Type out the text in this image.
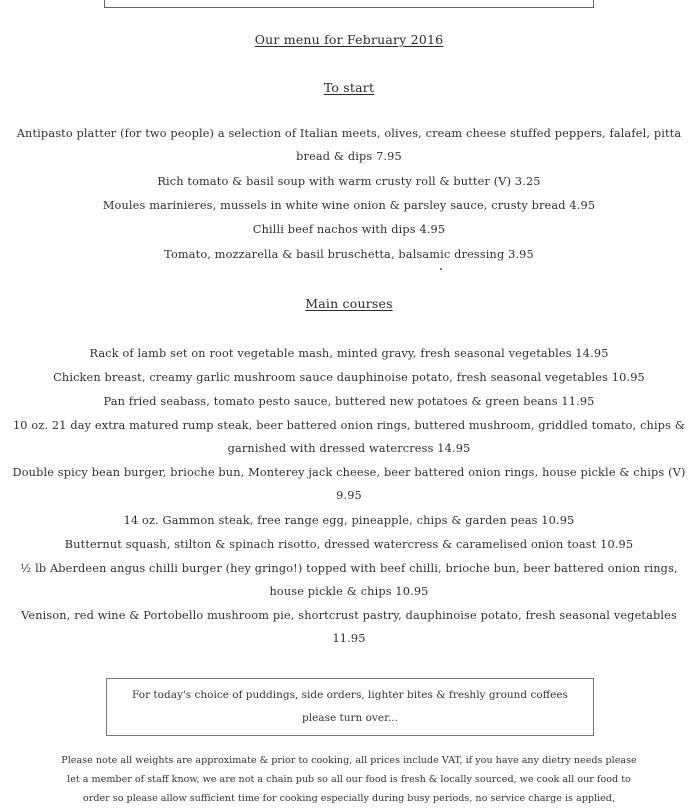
Our menu for February 2016
To start
Antipasto platter (for two people) a selection of Italian meets, olives, cream cheese stuffed peppers, falafel, pitta bread & dips 7.95
Rich tomato & basil soup with warm crusty roll & butter (V) 3.25
Moules marinieres, mussels in white wine onion & parsley sauce, crusty bread 4.95
Chilli beef nachos with dips 4.95
Tomato, mozzarella & basil bruschetta, balsamic dressing 3.95
Main courses
Rack of lamb set on root vegetable mash, minted gravy, fresh seasonal vegetables 14.95
Chicken breast, creamy garlic mushroom sauce dauphinoise potato, fresh seasonal vegetables 10.95
Pan fried seabass, tomato pesto sauce, buttered new potatoes & green beans 11.95
10 oz. 21 day extra matured rump steak, beer battered onion rings, buttered mushroom, griddled tomato, chips & garnished with dressed watercress 14.95
Double spicy bean burger, brioche bun, Monterey jack cheese, beer battered onion rings, house pickle & chips (V) 9.95
14 oz. Gammon steak, free range egg, pineapple, chips & garden peas 10.95
Butternut squash, stilton & spinach risotto, dressed watercress & caramelised onion toast 10.95
½ lb Aberdeen angus chilli burger (hey gringo!) topped with beef chilli, brioche bun, beer battered onion rings, house pickle & chips 10.95
Venison, red wine & Portobello mushroom pie, shortcrust pastry, dauphinoise potato, fresh seasonal vegetables 11.95
For today's choice of puddings, side orders, lighter bites & freshly ground coffees please turn over...
Please note all weights are approximate & prior to cooking, all prices include VAT, if you have any dietry needs please let a member of staff know, we are not a chain pub so all our food is fresh & locally sourced, we cook all our food to order so please allow sufficient time for cooking especially during busy periods, no service charge is applied,
